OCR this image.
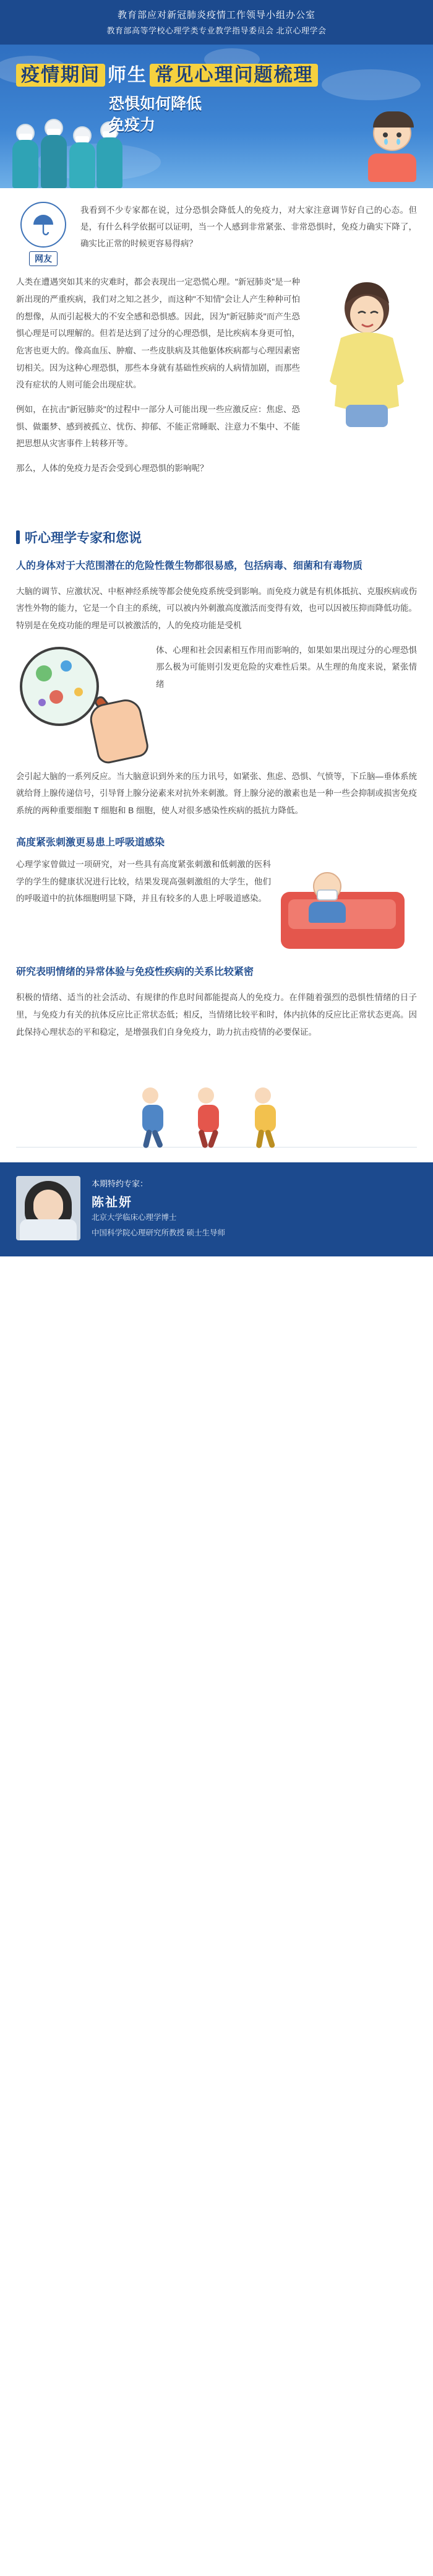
教育部应对新冠肺炎疫情工作领导小组办公室
教育部高等学校心理学类专业教学指导委员会 北京心理学会
疫情期间 师生 常见心理问题梳理 恐惧如何降低
免疫力
网友
我看到不少专家都在说，过分恐惧会降低人的免疫力，对大家注意调节好自己的心态。但是，有什么科学依据可以证明，当一个人感到非常紧张、非常恐惧时，免疫力确实下降了，确实比正常的时候更容易得病？
人类在遭遇突如其来的灾难时，都会表现出一定恐慌心理。"新冠肺炎"是一种新出现的严重疾病，我们对之知之甚少，而这种"不知情"会让人产生种种可怕的想像，从而引起极大的不安全感和恐惧感。因此，因为"新冠肺炎"而产生恐惧心理是可以理解的。但若是达到了过分的心理恐惧，是比疾病本身更可怕，危害也更大的。像高血压、肿瘤、一些皮肤病及其他躯体疾病都与心理因素密切相关。因为这种心理恐惧，那些本身就有基础性疾病的人病情加剧，而那些没有症状的人则可能会出现症状。
例如，在抗击"新冠肺炎"的过程中一部分人可能出现一些应激反应：焦虑、恐惧、做噩梦、感到被孤立、忧伤、抑郁、不能正常睡眠、注意力不集中、不能把思想从灾害事件上转移开等。
那么，人体的免疫力是否会受到心理恐惧的影响呢？
听心理学专家和您说
人的身体对于大范围潜在的危险性微生物都很易感，包括病毒、细菌和有毒物质
大脑的调节、应激状况、中枢神经系统等都会使免疫系统受到影响。而免疫力就是有机体抵抗、克服疾病或伤害性外物的能力，它是一个自主的系统，可以被内外刺激高度激活而变得有效，也可以因被压抑而降低功能。特别是在免疫功能的理是可以被激活的，人的免疫功能是受机
体、心理和社会因素相互作用而影响的，如果如果出现过分的心理恐惧那么极为可能则引发更危险的灾难性后果。从生理的角度来说，紧张情绪
会引起大脑的一系列反应。当大脑意识到外来的压力讯号，如紧张、焦虑、恐惧、气愤等，下丘脑—垂体系统就给肾上腺传递信号，引导肾上腺分泌素来对抗外来刺激。肾上腺分泌的激素也是一种一些会抑制或损害免疫系统的两种重要细胞 T 细胞和 B 细胞，使人对很多感染性疾病的抵抗力降低。
高度紧张刺激更易患上呼吸道感染
心理学家曾做过一项研究，对一些具有高度紧张刺激和低刺激的医科学的学生的健康状况进行比较，结果发现高强刺激组的大学生，他们的呼吸道中的抗体细胞明显下降，并且有较多的人患上呼吸道感染。
研究表明情绪的异常体验与免疫性疾病的关系比较紧密
积极的情绪、适当的社会活动、有规律的作息时间都能提高人的免疫力。在伴随着强烈的恐惧性情绪的日子里，与免疫力有关的抗体反应比正常状态低；相反，当情绪比较平和时，体内抗体的反应比正常状态更高。因此保持心理状态的平和稳定，是增强我们自身免疫力，助力抗击疫情的必要保证。
本期特约专家：
陈祉妍
北京大学临床心理学博士
中国科学院心理研究所教授 硕士生导师
